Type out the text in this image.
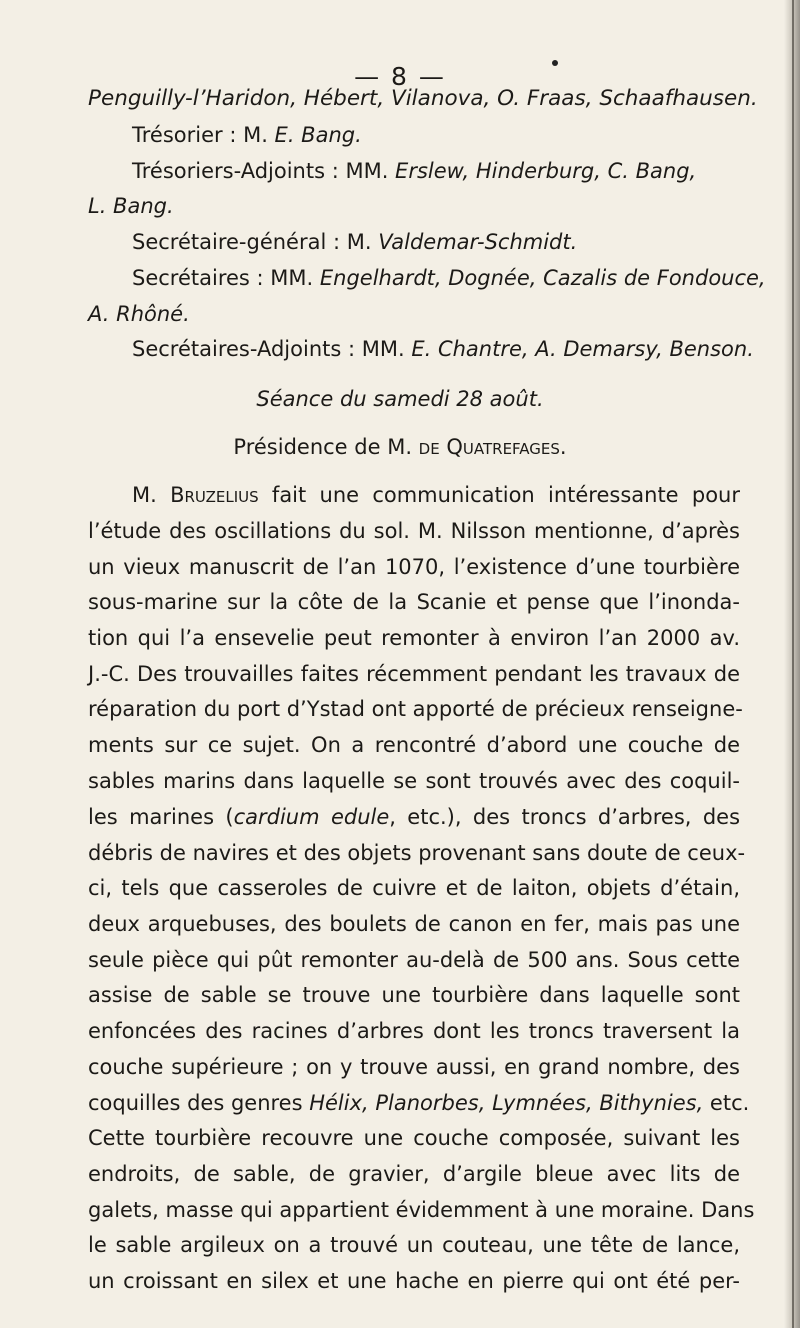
— 8 —
Penguilly-l’Haridon, Hébert, Vilanova, O. Fraas, Schaafhausen.
Trésorier : M. E. Bang.
Trésoriers-Adjoints : MM. Erslew, Hinderburg, C. Bang,
L. Bang.
Secrétaire-général : M. Valdemar-Schmidt.
Secrétaires : MM. Engelhardt, Dognée, Cazalis de Fondouce,
A. Rhôné.
Secrétaires-Adjoints : MM. E. Chantre, A. Demarsy, Benson.
Séance du samedi 28 août.
Présidence de M. de Quatrefages.
M. Bruzelius fait une communication intéressante pour
l’étude des oscillations du sol. M. Nilsson mentionne, d’après
un vieux manuscrit de l’an 1070, l’existence d’une tourbière
sous-marine sur la côte de la Scanie et pense que l’inonda-
tion qui l’a ensevelie peut remonter à environ l’an 2000 av.
J.-C. Des trouvailles faites récemment pendant les travaux de
réparation du port d’Ystad ont apporté de précieux renseigne-
ments sur ce sujet. On a rencontré d’abord une couche de
sables marins dans laquelle se sont trouvés avec des coquil-
les marines (cardium edule, etc.), des troncs d’arbres, des
débris de navires et des objets provenant sans doute de ceux-
ci, tels que casseroles de cuivre et de laiton, objets d’étain,
deux arquebuses, des boulets de canon en fer, mais pas une
seule pièce qui pût remonter au-delà de 500 ans. Sous cette
assise de sable se trouve une tourbière dans laquelle sont
enfoncées des racines d’arbres dont les troncs traversent la
couche supérieure ; on y trouve aussi, en grand nombre, des
coquilles des genres Hélix, Planorbes, Lymnées, Bithynies, etc.
Cette tourbière recouvre une couche composée, suivant les
endroits, de sable, de gravier, d’argile bleue avec lits de
galets, masse qui appartient évidemment à une moraine. Dans
le sable argileux on a trouvé un couteau, une tête de lance,
un croissant en silex et une hache en pierre qui ont été per-
